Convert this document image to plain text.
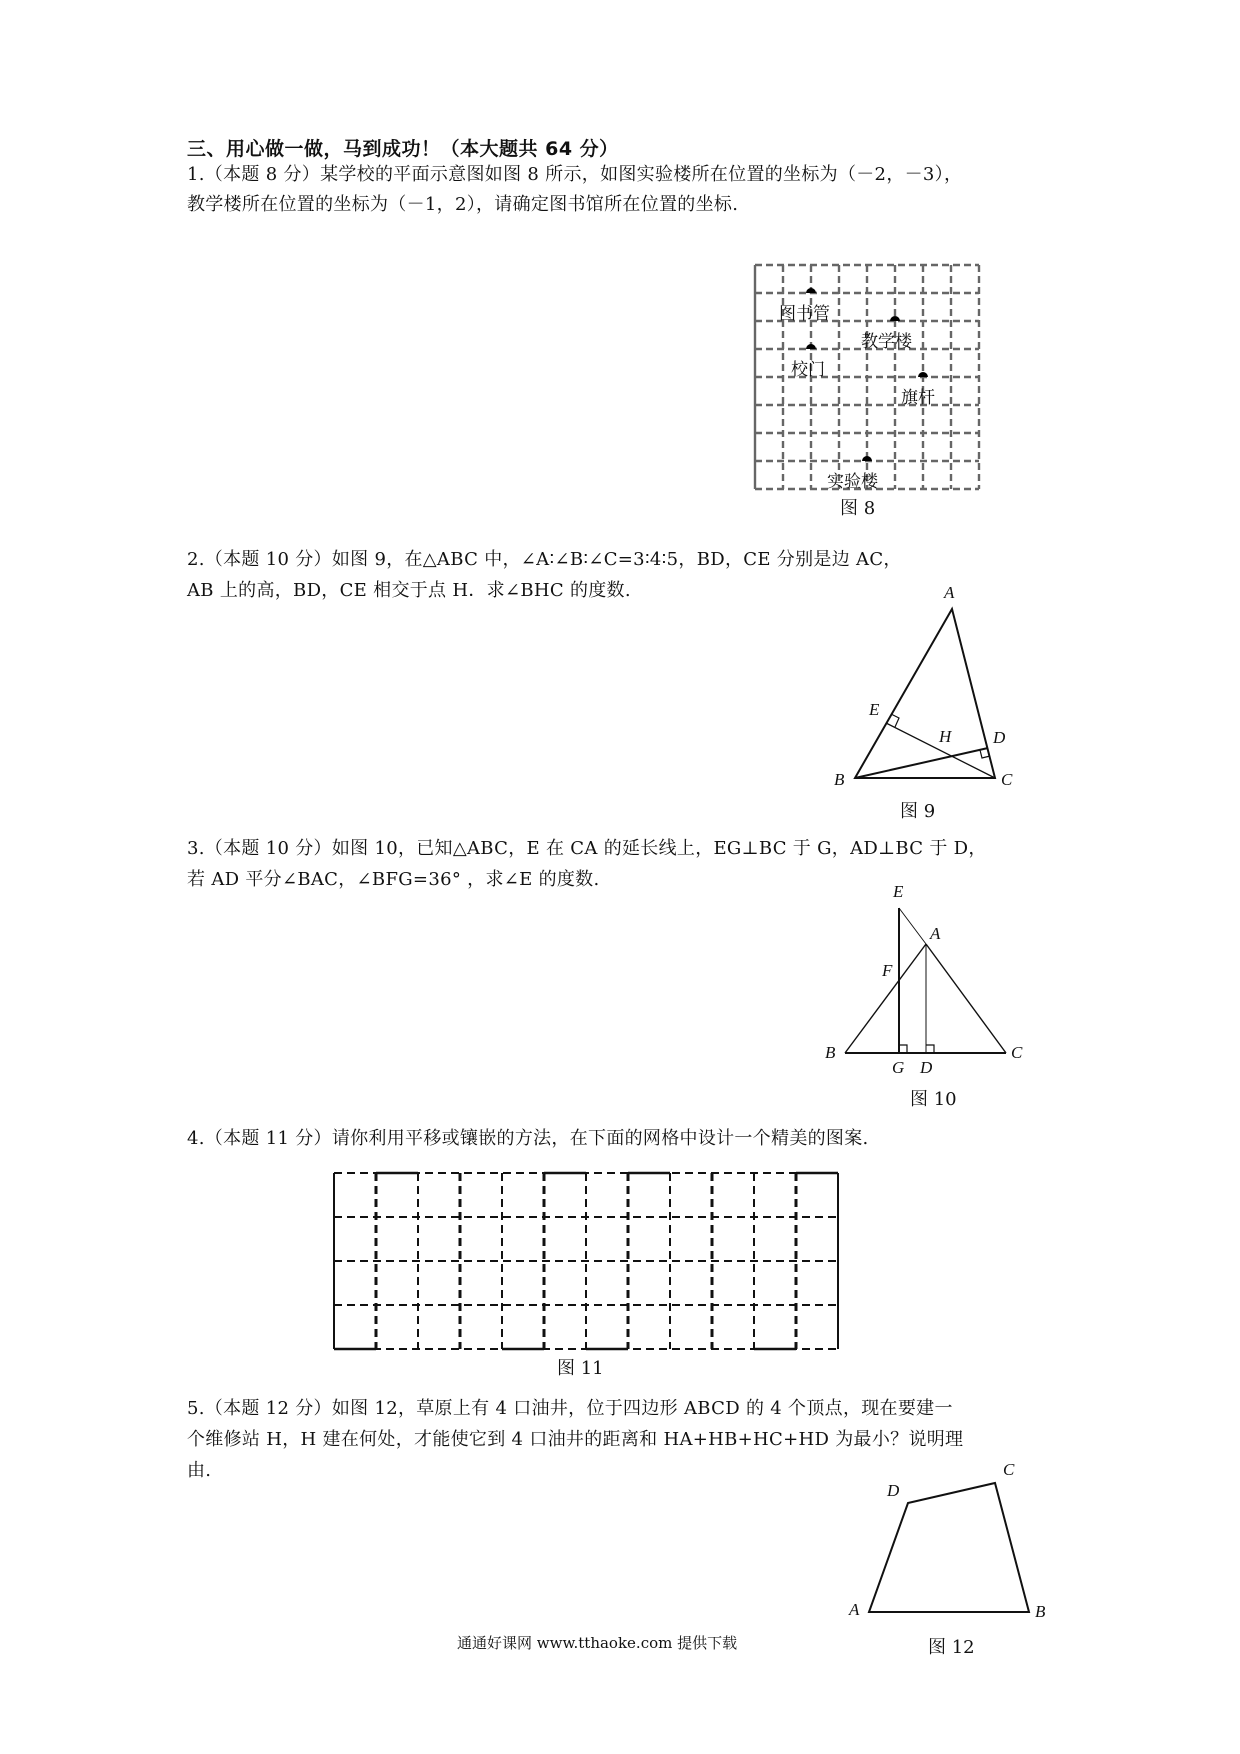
三、用心做一做，马到成功！（本大题共 64 分）
1.（本题 8 分）某学校的平面示意图如图 8 所示，如图实验楼所在位置的坐标为（－2，－3），
教学楼所在位置的坐标为（－1，2），请确定图书馆所在位置的坐标.
图书管
教学楼
校门
旗杆
实验楼
图 8
2.（本题 10 分）如图 9，在△ABC 中，∠A∶∠B∶∠C=3∶4∶5，BD，CE 分别是边 AC，
AB 上的高，BD，CE 相交于点 H．求∠BHC 的度数.	A
B	C
D
E
H
图 9
3.（本题 10 分）如图 10，已知△ABC，E 在 CA 的延长线上，EG⊥BC 于 G，AD⊥BC 于 D，
若 AD 平分∠BAC，∠BFG=36° ，求∠E 的度数.
E
A
F
B	C
G D
图 10
4.（本题 11 分）请你利用平移或镶嵌的方法，在下面的网格中设计一个精美的图案.
图 11
5.（本题 12 分）如图 12，草原上有 4 口油井，位于四边形 ABCD 的 4 个顶点，现在要建一
个维修站 H，H 建在何处，才能使它到 4 口油井的距离和 HA+HB+HC+HD 为最小？说明理
由.
A	B
C
D
图 12
通通好课网 www.tthaoke.com 提供下载
